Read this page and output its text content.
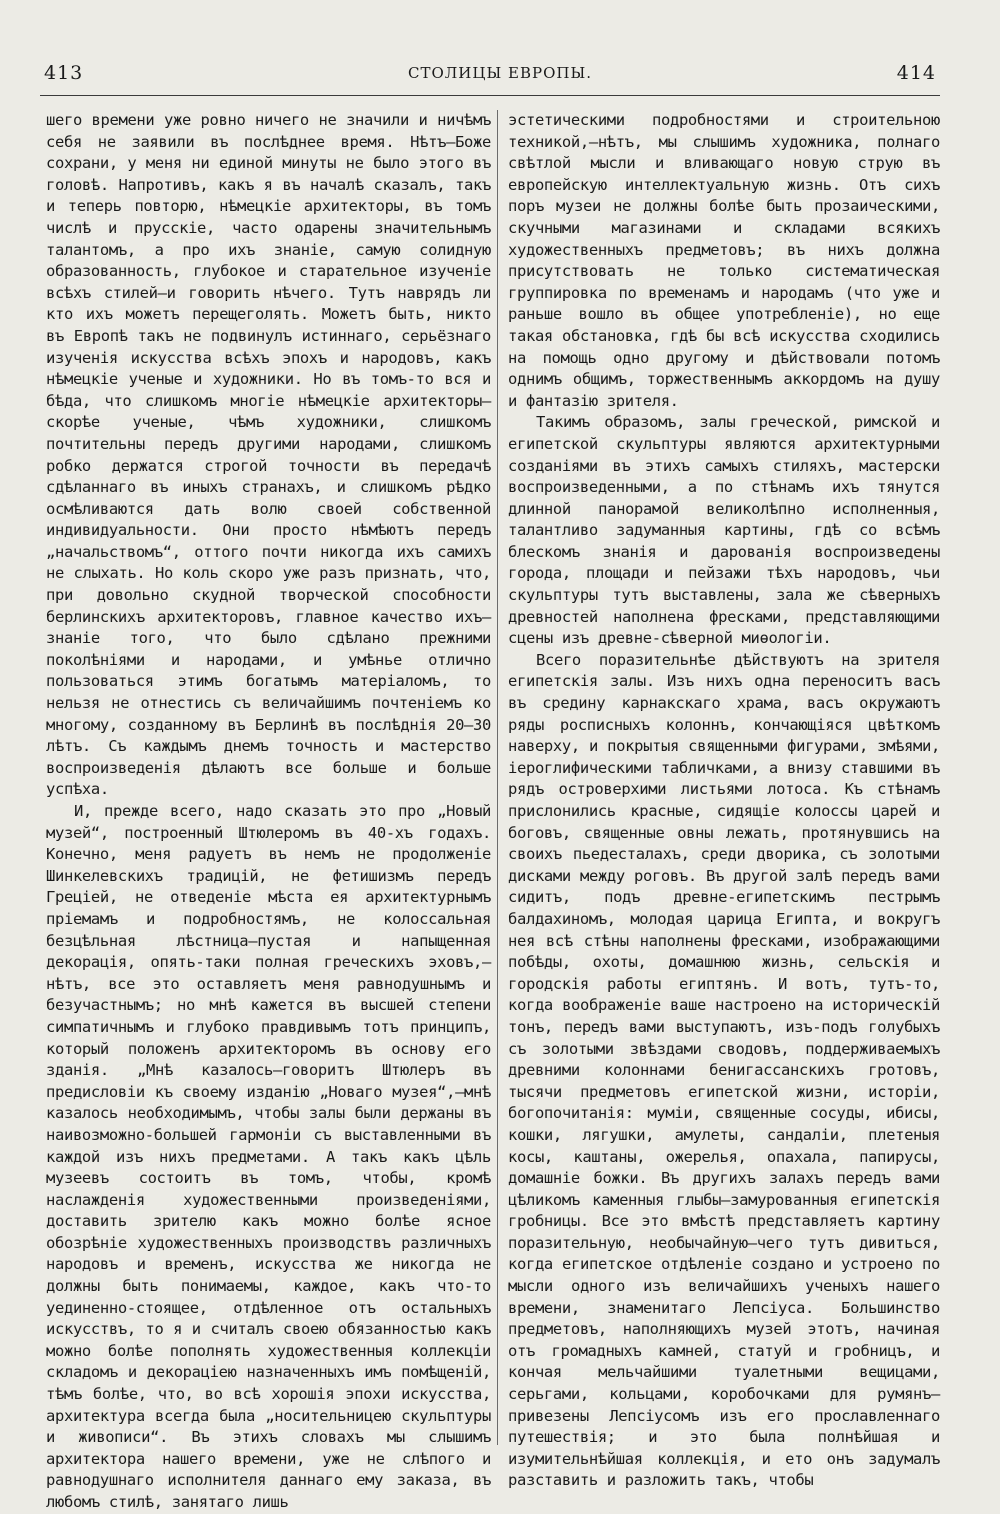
413	СТОЛИЦЫ ЕВРОПЫ.	414

шего времени уже ровно ничего не значили и ничѣмъ себя не заявили въ послѣднее время. Нѣтъ—Боже сохрани, у меня ни единой минуты не было этого въ головѣ. Напротивъ, какъ я въ началѣ сказалъ, такъ и теперь повторю, нѣмецкіе архитекторы, въ томъ числѣ и прусскіе, часто одарены значительнымъ талантомъ, а про ихъ знаніе, самую солидную образованность, глубокое и старательное изученіе всѣхъ стилей—и говорить нѣчего. Тутъ наврядъ ли кто ихъ можетъ перещеголять. Можетъ быть, никто въ Европѣ такъ не подвинулъ истиннаго, серьёзнаго изученія искусства всѣхъ эпохъ и народовъ, какъ нѣмецкіе ученые и художники. Но въ томъ-то вся и бѣда, что слишкомъ многіе нѣмецкіе архитекторы—скорѣе ученые, чѣмъ художники, слишкомъ почтительны передъ другими народами, слишкомъ робко держатся строгой точности въ передачѣ сдѣланнаго въ иныхъ странахъ, и слишкомъ рѣдко осмѣливаются дать волю своей собственной индивидуальности. Они просто нѣмѣютъ передъ „начальствомъ“, оттого почти никогда ихъ самихъ не слыхать. Но коль скоро уже разъ признать, что, при довольно скудной творческой способности берлинскихъ архитекторовъ, главное качество ихъ—знаніе того, что было сдѣлано прежними поколѣніями и народами, и умѣнье отлично пользоваться этимъ богатымъ матеріаломъ, то нельзя не отнестись съ величайшимъ почтеніемъ ко многому, созданному въ Берлинѣ въ послѣднія 20—30 лѣтъ. Съ каждымъ днемъ точность и мастерство воспроизведенія дѣлаютъ все больше и больше успѣха.

И, прежде всего, надо сказать это про „Новый музей“, построенный Штюлеромъ въ 40-хъ годахъ. Конечно, меня радуетъ въ немъ не продолженіе Шинкелевскихъ традицій, не фетишизмъ передъ Греціей, не отведеніе мѣста ея архитектурнымъ пріемамъ и подробностямъ, не колоссальная безцѣльная лѣстница—пустая и напыщенная декорація, опять-таки полная греческихъ эховъ,—нѣтъ, все это оставляетъ меня равнодушнымъ и безучастнымъ; но мнѣ кажется въ высшей степени симпатичнымъ и глубоко правдивымъ тотъ принципъ, который положенъ архитекторомъ въ основу его зданія. „Мнѣ казалось—говоритъ Штюлеръ въ предисловіи къ своему изданію „Новаго музея“,—мнѣ казалось необходимымъ, чтобы залы были держаны въ наивозможно-большей гармоніи съ выставленными въ каждой изъ нихъ предметами. А такъ какъ цѣль музеевъ состоитъ въ томъ, чтобы, кромѣ наслажденія художественными произведеніями, доставить зрителю какъ можно болѣе ясное обозрѣніе художественныхъ производствъ различныхъ народовъ и временъ, искусства же никогда не должны быть понимаемы, каждое, какъ что-то уединенно-стоящее, отдѣленное отъ остальныхъ искусствъ, то я и считалъ своею обязанностью какъ можно болѣе пополнять художественныя коллекціи складомъ и декораціею назначенныхъ имъ помѣщеній, тѣмъ болѣе, что, во всѣ хорошія эпохи искусства, архитектура всегда была „носительницею скульптуры и живописи“. Въ этихъ словахъ мы слышимъ архитектора нашего времени, уже не слѣпого и равнодушнаго исполнителя даннаго ему заказа, въ любомъ стилѣ, занятаго лишь

эстетическими подробностями и строительною техникой,—нѣтъ, мы слышимъ художника, полнаго свѣтлой мысли и вливающаго новую струю въ европейскую интеллектуальную жизнь. Отъ сихъ поръ музеи не должны болѣе быть прозаическими, скучными магазинами и складами всякихъ художественныхъ предметовъ; въ нихъ должна присутствовать не только систематическая группировка по временамъ и народамъ (что уже и раньше вошло въ общее употребленіе), но еще такая обстановка, гдѣ бы всѣ искусства сходились на помощь одно другому и дѣйствовали потомъ однимъ общимъ, торжественнымъ аккордомъ на душу и фантазію зрителя.

Такимъ образомъ, залы греческой, римской и египетской скульптуры являются архитектурными созданіями въ этихъ самыхъ стиляхъ, мастерски воспроизведенными, а по стѣнамъ ихъ тянутся длинной панорамой великолѣпно исполненныя, талантливо задуманныя картины, гдѣ со всѣмъ блескомъ знанія и дарованія воспроизведены города, площади и пейзажи тѣхъ народовъ, чьи скульптуры тутъ выставлены, зала же сѣверныхъ древностей наполнена фресками, представляющими сцены изъ древне-сѣверной миѳологіи.

Всего поразительнѣе дѣйствуютъ на зрителя египетскія залы. Изъ нихъ одна переноситъ васъ въ средину карнакскаго храма, васъ окружаютъ ряды росписныхъ колоннъ, кончающіяся цвѣткомъ наверху, и покрытыя священными фигурами, змѣями, іероглифическими табличками, а внизу ставшими въ рядъ островерхими листьями лотоса. Къ стѣнамъ прислонились красные, сидящіе колоссы царей и боговъ, священные овны лежать, протянувшись на своихъ пьедесталахъ, среди дворика, съ золотыми дисками между роговъ. Въ другой залѣ передъ вами сидитъ, подъ древне-египетскимъ пестрымъ балдахиномъ, молодая царица Египта, и вокругъ нея всѣ стѣны наполнены фресками, изображающими побѣды, охоты, домашнюю жизнь, сельскія и городскія работы египтянъ. И вотъ, тутъ-то, когда воображеніе ваше настроено на историческій тонъ, передъ вами выступаютъ, изъ-подъ голубыхъ съ золотыми звѣздами сводовъ, поддерживаемыхъ древними колоннами бенигассанскихъ гротовъ, тысячи предметовъ египетской жизни, исторіи, богопочитанія: муміи, священные сосуды, ибисы, кошки, лягушки, амулеты, сандаліи, плетеныя косы, каштаны, ожерелья, опахала, папирусы, домашніе божки. Въ другихъ залахъ передъ вами цѣликомъ каменныя глыбы—замурованныя египетскія гробницы. Все это вмѣстѣ представляетъ картину поразительную, необычайную—чего тутъ дивиться, когда египетское отдѣленіе создано и устроено по мысли одного изъ величайшихъ ученыхъ нашего времени, знаменитаго Лепсіуса. Большинство предметовъ, наполняющихъ музей этотъ, начиная отъ громадныхъ камней, статуй и гробницъ, и кончая мельчайшими туалетными вещицами, серьгами, кольцами, коробочками для румянъ—привезены Лепсіусомъ изъ его прославленнаго путешествія; и это была полнѣйшая и изумительнѣйшая коллекція, и ето онъ задумалъ разставить и разложить такъ, чтобы
